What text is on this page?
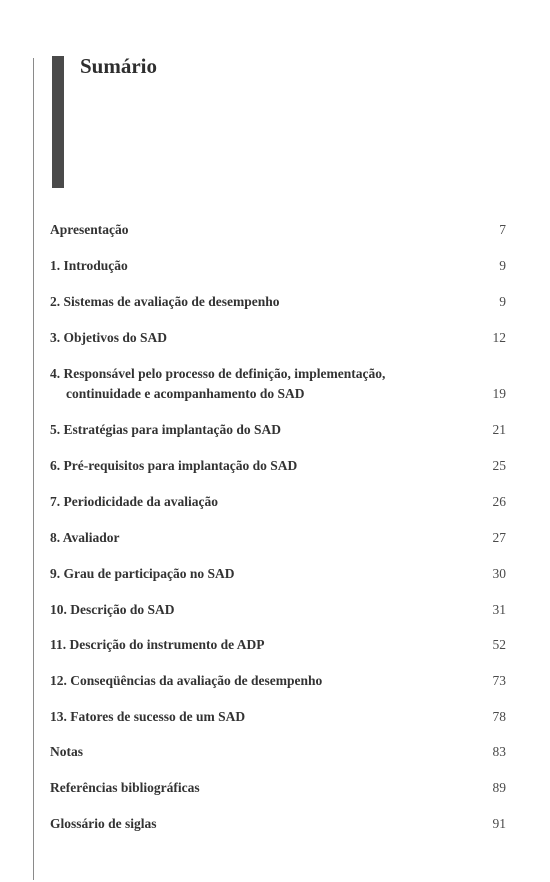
Sumário
Apresentação	7
1. Introdução	9
2. Sistemas de avaliação de desempenho	9
3. Objetivos do SAD	12
4. Responsável pelo processo de definição, implementação,
continuidade e acompanhamento do SAD	19
5. Estratégias para implantação do SAD	21
6. Pré-requisitos para implantação do SAD	25
7. Periodicidade da avaliação	26
8. Avaliador	27
9. Grau de participação no SAD	30
10. Descrição do SAD	31
11. Descrição do instrumento de ADP	52
12. Conseqüências da avaliação de desempenho	73
13. Fatores de sucesso de um SAD	78
Notas	83
Referências bibliográficas	89
Glossário de siglas	91
